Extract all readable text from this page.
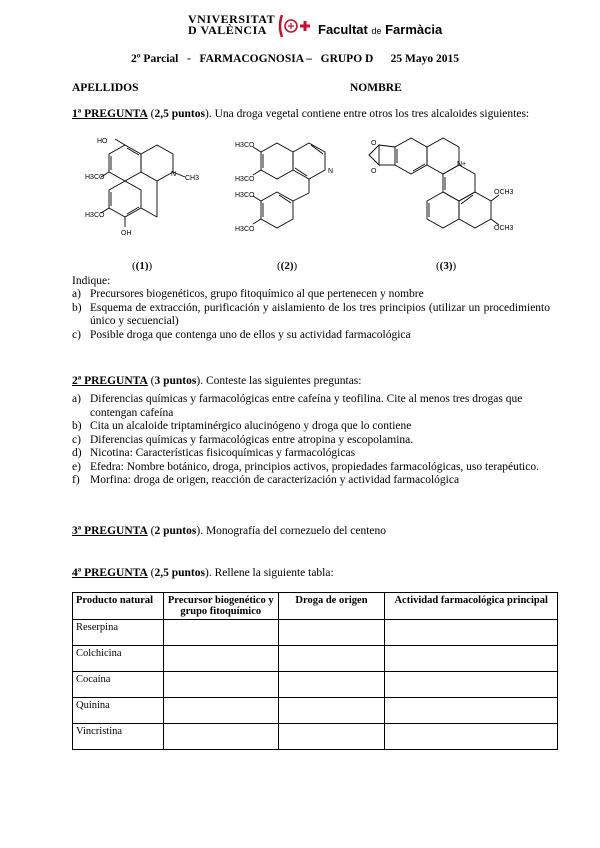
VNIVERSITAT
D VALÈNCIA	Facultat de Farmàcia
2º Parcial - FARMACOGNOSIA – GRUPO D 25 Mayo 2015
APELLIDOS	NOMBRE
1ª PREGUNTA (2,5 puntos). Una droga vegetal contiene entre otros los tres alcaloides siguientes:
HO
H3CO	N
CH3
H3CO
OH
H3CO
H3CO
N
H3CO
H3CO
O
O
N+
OCH3
OCH3
((1))	((2))	((3))
Indique:
a) Precursores biogenéticos, grupo fitoquímico al que pertenecen y nombre
b) Esquema de extracción, purificación y aislamiento de los tres principios (utilizar un procedimiento único y secuencial)
c) Posible droga que contenga uno de ellos y su actividad farmacológica
2ª PREGUNTA (3 puntos). Conteste las siguientes preguntas:
a) Diferencias químicas y farmacológicas entre cafeína y teofilina. Cite al menos tres drogas que contengan cafeína
b) Cita un alcaloide triptaminérgico alucinógeno y droga que lo contiene
c) Diferencias químicas y farmacológicas entre atropina y escopolamina.
d) Nicotina: Características fisicoquímicas y farmacológicas
e) Efedra: Nombre botánico, droga, principios activos, propiedades farmacológicas, uso terapéutico.
f) Morfina: droga de origen, reacción de caracterización y actividad farmacológica
3ª PREGUNTA (2 puntos). Monografía del cornezuelo del centeno
4ª PREGUNTA (2,5 puntos). Rellene la siguiente tabla:
Producto natural	Precursor biogenético y grupo fitoquímico	Droga de origen	Actividad farmacológica principal
Reserpina			
Colchicina			
Cocaína			
Quinina			
Vincristina			
